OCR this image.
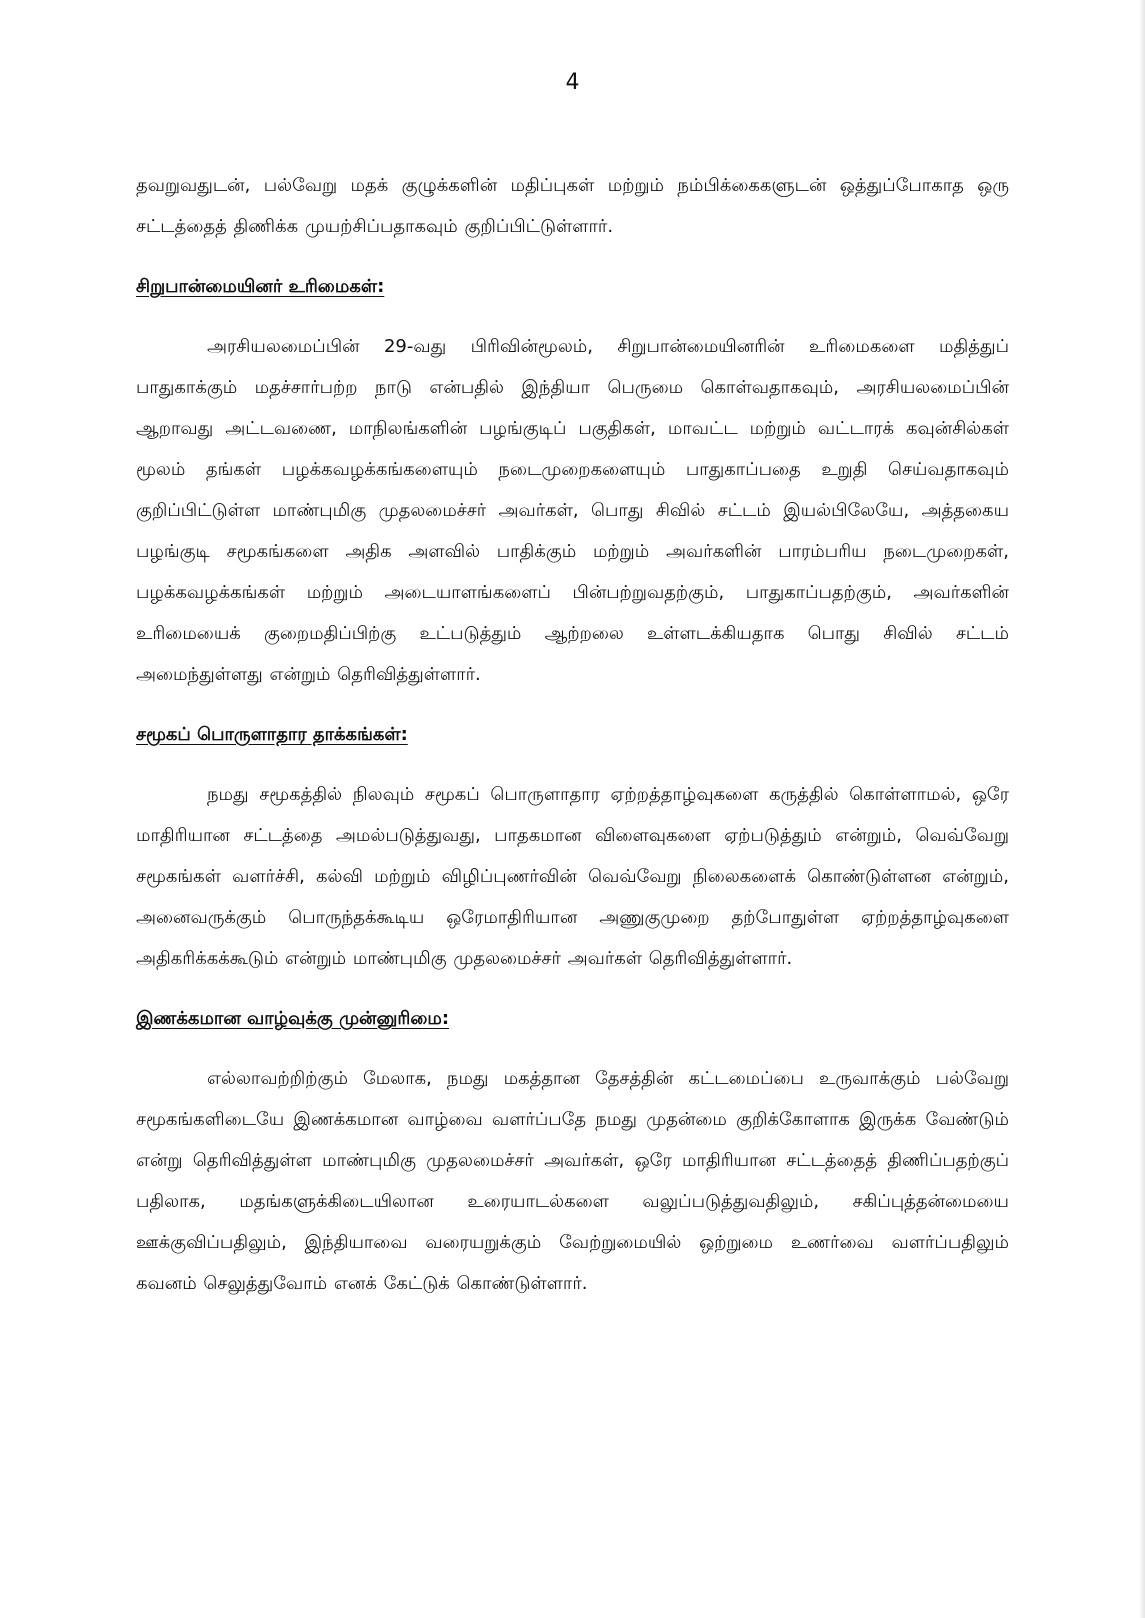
4

தவறுவதுடன், பல்வேறு மதக் குழுக்களின் மதிப்புகள் மற்றும் நம்பிக்கைகளுடன் ஒத்துப்போகாத ஒரு சட்டத்தைத் திணிக்க முயற்சிப்பதாகவும் குறிப்பிட்டுள்ளார்.

சிறுபான்மையினர் உரிமைகள்:

அரசியலமைப்பின் 29-வது பிரிவின்மூலம், சிறுபான்மையினரின் உரிமைகளை மதித்துப் பாதுகாக்கும் மதச்சார்பற்ற நாடு என்பதில் இந்தியா பெருமை கொள்வதாகவும், அரசியலமைப்பின் ஆறாவது அட்டவணை, மாநிலங்களின் பழங்குடிப் பகுதிகள், மாவட்ட மற்றும் வட்டாரக் கவுன்சில்கள் மூலம் தங்கள் பழக்கவழக்கங்களையும் நடைமுறைகளையும் பாதுகாப்பதை உறுதி செய்வதாகவும் குறிப்பிட்டுள்ள மாண்புமிகு முதலமைச்சர் அவர்கள், பொது சிவில் சட்டம் இயல்பிலேயே, அத்தகைய பழங்குடி சமூகங்களை அதிக அளவில் பாதிக்கும் மற்றும் அவர்களின் பாரம்பரிய நடைமுறைகள், பழக்கவழக்கங்கள் மற்றும் அடையாளங்களைப் பின்பற்றுவதற்கும், பாதுகாப்பதற்கும், அவர்களின் உரிமையைக் குறைமதிப்பிற்கு உட்படுத்தும் ஆற்றலை உள்ளடக்கியதாக பொது சிவில் சட்டம் அமைந்துள்ளது என்றும் தெரிவித்துள்ளார்.

சமூகப் பொருளாதார தாக்கங்கள்:

நமது சமூகத்தில் நிலவும் சமூகப் பொருளாதார ஏற்றத்தாழ்வுகளை கருத்தில் கொள்ளாமல், ஒரே மாதிரியான சட்டத்தை அமல்படுத்துவது, பாதகமான விளைவுகளை ஏற்படுத்தும் என்றும், வெவ்வேறு சமூகங்கள் வளர்ச்சி, கல்வி மற்றும் விழிப்புணர்வின் வெவ்வேறு நிலைகளைக் கொண்டுள்ளன என்றும், அனைவருக்கும் பொருந்தக்கூடிய ஒரேமாதிரியான அணுகுமுறை தற்போதுள்ள ஏற்றத்தாழ்வுகளை அதிகரிக்கக்கூடும் என்றும் மாண்புமிகு முதலமைச்சர் அவர்கள் தெரிவித்துள்ளார்.

இணக்கமான வாழ்வுக்கு முன்னுரிமை:

எல்லாவற்றிற்கும் மேலாக, நமது மகத்தான தேசத்தின் கட்டமைப்பை உருவாக்கும் பல்வேறு சமூகங்களிடையே இணக்கமான வாழ்வை வளர்ப்பதே நமது முதன்மை குறிக்கோளாக இருக்க வேண்டும் என்று தெரிவித்துள்ள மாண்புமிகு முதலமைச்சர் அவர்கள், ஒரே மாதிரியான சட்டத்தைத் திணிப்பதற்குப் பதிலாக, மதங்களுக்கிடையிலான உரையாடல்களை வலுப்படுத்துவதிலும், சகிப்புத்தன்மையை ஊக்குவிப்பதிலும், இந்தியாவை வரையறுக்கும் வேற்றுமையில் ஒற்றுமை உணர்வை வளர்ப்பதிலும் கவனம் செலுத்துவோம் எனக் கேட்டுக் கொண்டுள்ளார்.
